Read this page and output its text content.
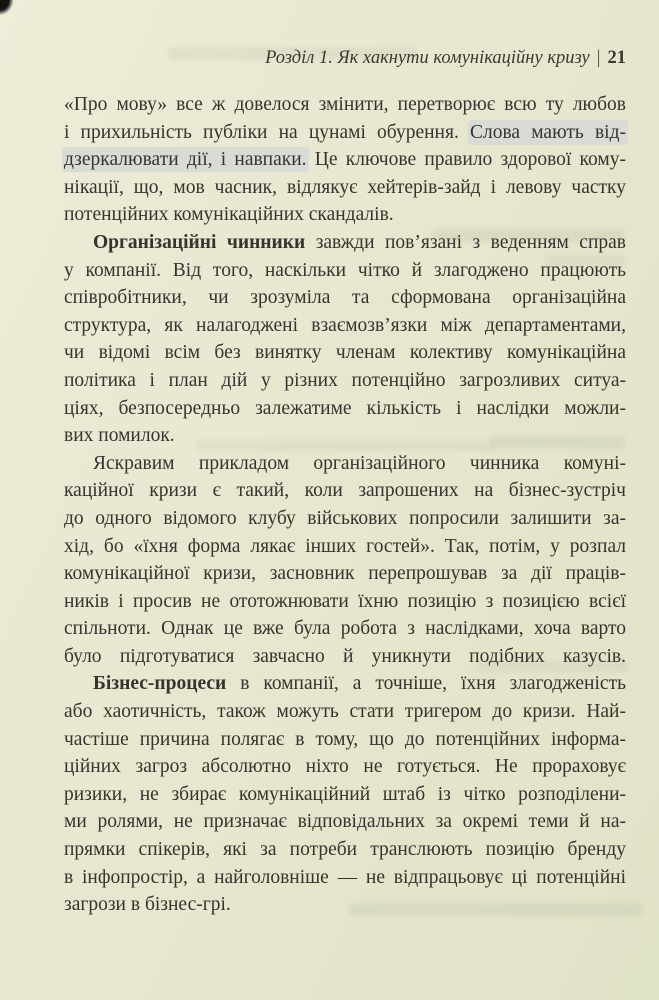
Розділ 1. Як хакнути комунікаційну кризу | 21
«Про мову» все ж довелося змінити, перетворює всю ту любов
і прихильність публіки на цунамі обурення. Слова мають від-
дзеркалювати дії, і навпаки. Це ключове правило здорової кому-
нікації, що, мов часник, відлякує хейтерів-зайд і левову частку
потенційних комунікаційних скандалів.
Організаційні чинники завжди пов’язані з веденням справ
у компанії. Від того, наскільки чітко й злагоджено працюють
співробітники, чи зрозуміла та сформована організаційна
структура, як налагоджені взаємозв’язки між департаментами,
чи відомі всім без винятку членам колективу комунікаційна
політика і план дій у різних потенційно загрозливих ситуа-
ціях, безпосередньо залежатиме кількість і наслідки можли-
вих помилок.
Яскравим прикладом організаційного чинника комуні-
каційної кризи є такий, коли запрошених на бізнес-зустріч
до одного відомого клубу військових попросили залишити за-
хід, бо «їхня форма лякає інших гостей». Так, потім, у розпал
комунікаційної кризи, засновник перепрошував за дії праців-
ників і просив не ототожнювати їхню позицію з позицією всієї
спільноти. Однак це вже була робота з наслідками, хоча варто
було підготуватися завчасно й уникнути подібних казусів.
Бізнес-процеси в компанії, а точніше, їхня злагодженість
або хаотичність, також можуть стати тригером до кризи. Най-
частіше причина полягає в тому, що до потенційних інформа-
ційних загроз абсолютно ніхто не готується. Не прораховує
ризики, не збирає комунікаційний штаб із чітко розподілени-
ми ролями, не призначає відповідальних за окремі теми й на-
прямки спікерів, які за потреби транслюють позицію бренду
в інфопростір, а найголовніше — не відпрацьовує ці потенційні
загрози в бізнес-грі.
